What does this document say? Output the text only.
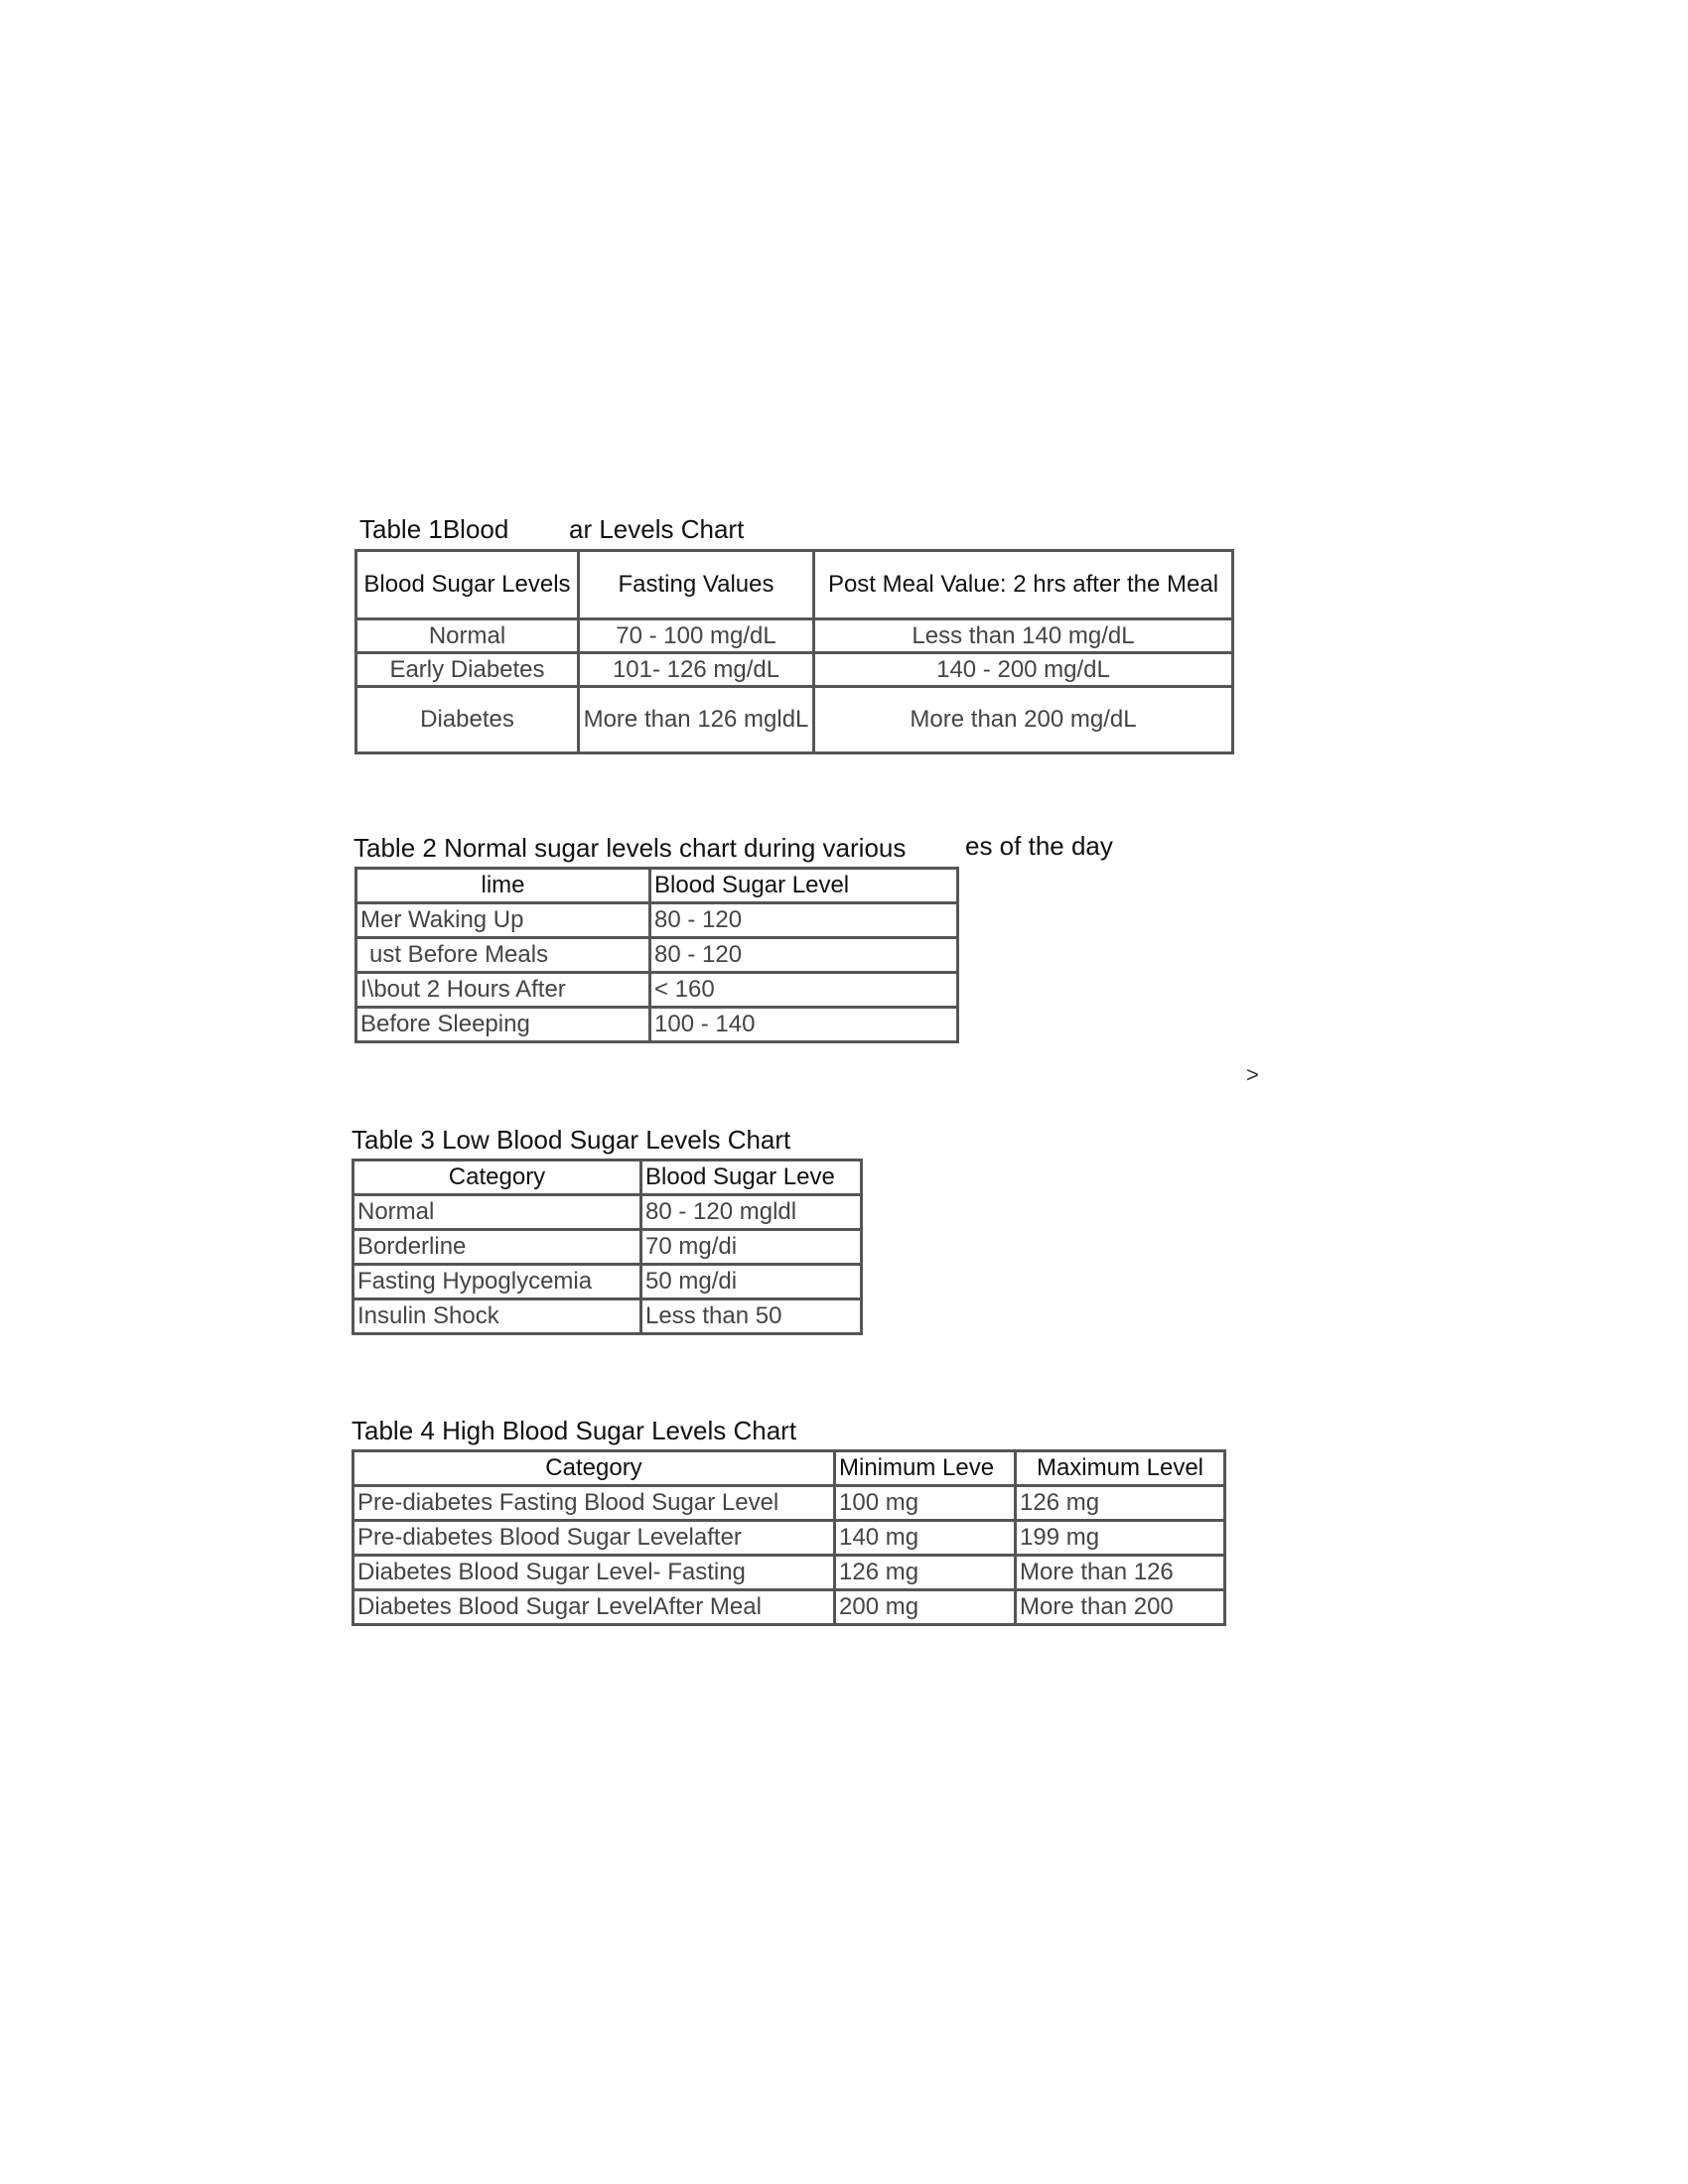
Table 1Blood ar Levels Chart
Blood Sugar Levels	Fasting Values	Post Meal Value: 2 hrs after the Meal
Normal	70 - 100 mg/dL	Less than 140 mg/dL
Early Diabetes	101- 126 mg/dL	140 - 200 mg/dL
Diabetes	More than 126 mgldL	More than 200 mg/dL
Table 2 Normal sugar levels chart during various es of the day
lime	Blood Sugar Level
Mer Waking Up	80 - 120
ust Before Meals	80 - 120
I\bout 2 Hours After	< 160
Before Sleeping	100 - 140
>
Table 3 Low Blood Sugar Levels Chart
Category	Blood Sugar Leve
Normal	80 - 120 mgldl
Borderline	70 mg/di
Fasting Hypoglycemia	50 mg/di
Insulin Shock	Less than 50
Table 4 High Blood Sugar Levels Chart
Category	Minimum Leve	Maximum Level
Pre-diabetes Fasting Blood Sugar Level	100 mg	126 mg
Pre-diabetes Blood Sugar Levelafter	140 mg	199 mg
Diabetes Blood Sugar Level- Fasting	126 mg	More than 126
Diabetes Blood Sugar LevelAfter Meal	200 mg	More than 200
